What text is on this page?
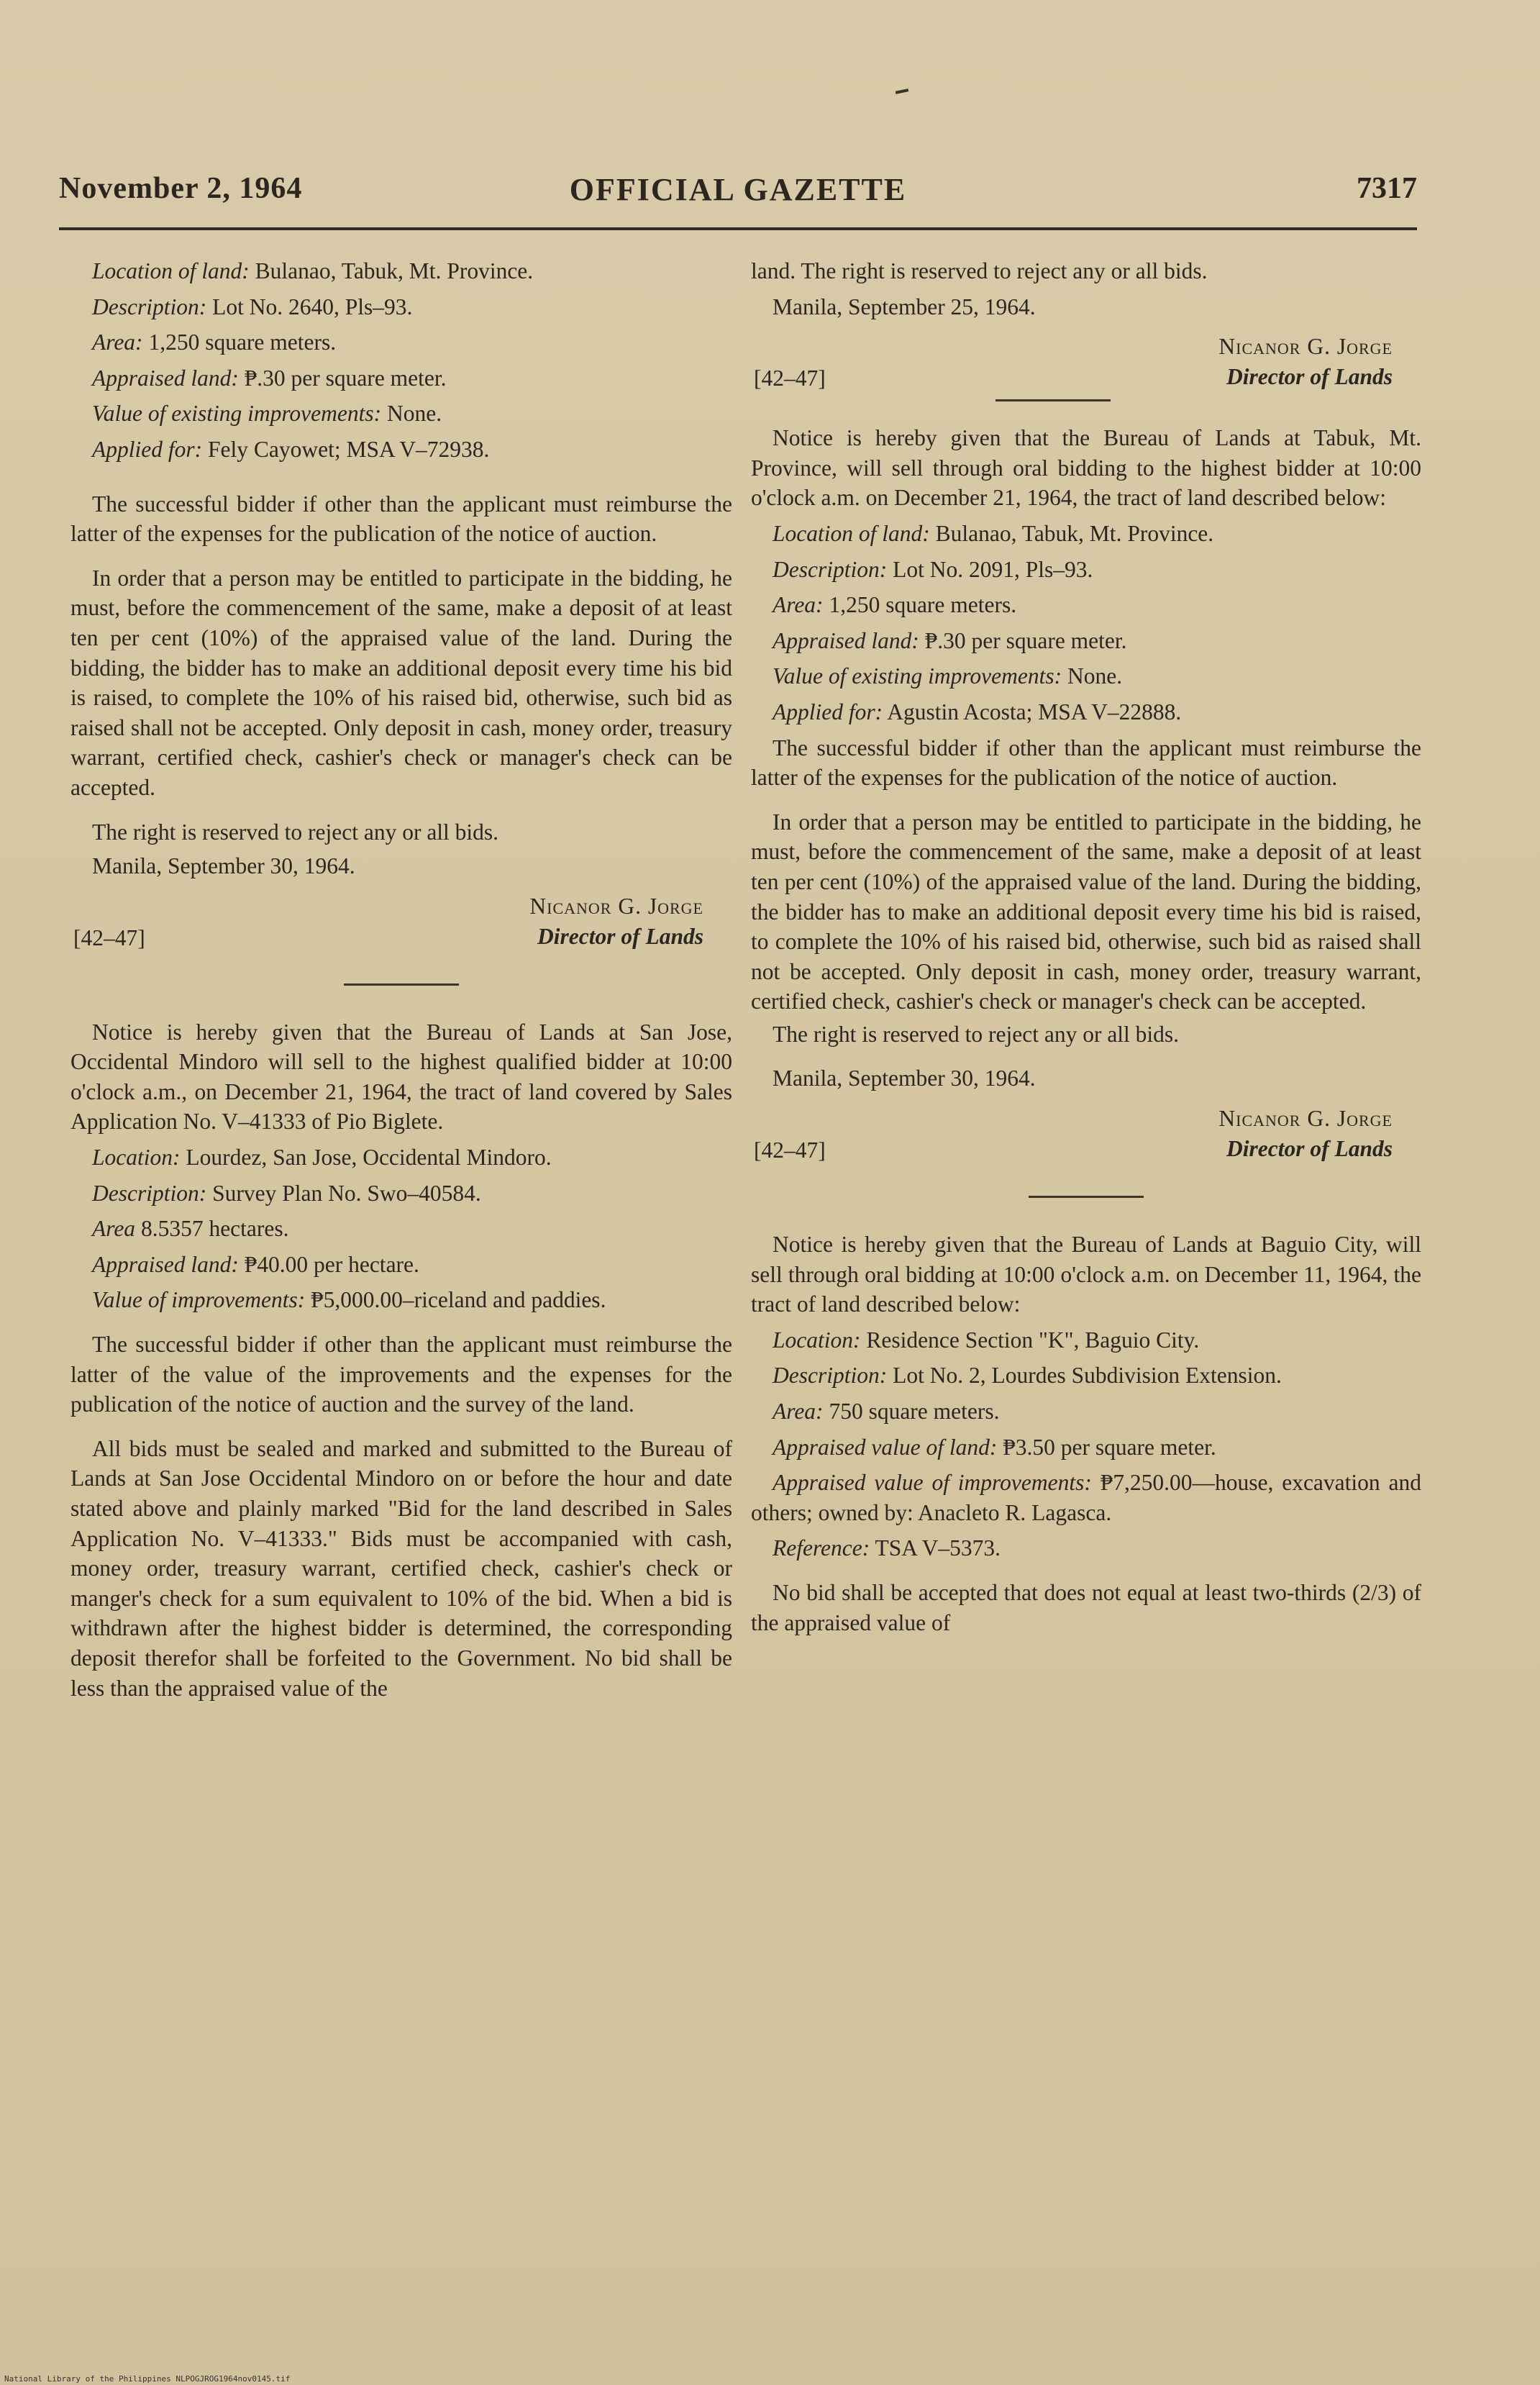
OFFICIAL GAZETTE
November 2, 1964	7317

Location of land: Bulanao, Tabuk, Mt. Province.

Description: Lot No. 2640, Pls–93.

Area: 1,250 square meters.

Appraised land: ₱.30 per square meter.

Value of existing improvements: None.

Applied for: Fely Cayowet; MSA V–72938.

The successful bidder if other than the applicant must reimburse the latter of the expenses for the publication of the notice of auction.

In order that a person may be entitled to participate in the bidding, he must, before the commencement of the same, make a deposit of at least ten per cent (10%) of the appraised value of the land. During the bidding, the bidder has to make an additional deposit every time his bid is raised, to complete the 10% of his raised bid, otherwise, such bid as raised shall not be accepted. Only deposit in cash, money order, treasury warrant, certified check, cashier's check or manager's check can be accepted.

The right is reserved to reject any or all bids.

Manila, September 30, 1964.

Nicanor G. Jorge
[42–47]	Director of Lands

Notice is hereby given that the Bureau of Lands at San Jose, Occidental Mindoro will sell to the highest qualified bidder at 10:00 o'clock a.m., on December 21, 1964, the tract of land covered by Sales Application No. V–41333 of Pio Biglete.

Location: Lourdez, San Jose, Occidental Mindoro.

Description: Survey Plan No. Swo–40584.

Area 8.5357 hectares.

Appraised land: ₱40.00 per hectare.

Value of improvements: ₱5,000.00–riceland and paddies.

The successful bidder if other than the applicant must reimburse the latter of the value of the improvements and the expenses for the publication of the notice of auction and the survey of the land.

All bids must be sealed and marked and submitted to the Bureau of Lands at San Jose Occidental Mindoro on or before the hour and date stated above and plainly marked "Bid for the land described in Sales Application No. V–41333." Bids must be accompanied with cash, money order, treasury warrant, certified check, cashier's check or manger's check for a sum equivalent to 10% of the bid. When a bid is withdrawn after the highest bidder is determined, the corresponding deposit therefor shall be forfeited to the Government. No bid shall be less than the appraised value of the

land. The right is reserved to reject any or all bids.

Manila, September 25, 1964.

Nicanor G. Jorge
[42–47]	Director of Lands

Notice is hereby given that the Bureau of Lands at Tabuk, Mt. Province, will sell through oral bidding to the highest bidder at 10:00 o'clock a.m. on December 21, 1964, the tract of land described below:

Location of land: Bulanao, Tabuk, Mt. Province.

Description: Lot No. 2091, Pls–93.

Area: 1,250 square meters.

Appraised land: ₱.30 per square meter.

Value of existing improvements: None.

Applied for: Agustin Acosta; MSA V–22888.

The successful bidder if other than the applicant must reimburse the latter of the expenses for the publication of the notice of auction.

In order that a person may be entitled to participate in the bidding, he must, before the commencement of the same, make a deposit of at least ten per cent (10%) of the appraised value of the land. During the bidding, the bidder has to make an additional deposit every time his bid is raised, to complete the 10% of his raised bid, otherwise, such bid as raised shall not be accepted. Only deposit in cash, money order, treasury warrant, certified check, cashier's check or manager's check can be accepted.

The right is reserved to reject any or all bids.

Manila, September 30, 1964.

Nicanor G. Jorge
[42–47]	Director of Lands

Notice is hereby given that the Bureau of Lands at Baguio City, will sell through oral bidding at 10:00 o'clock a.m. on December 11, 1964, the tract of land described below:

Location: Residence Section "K", Baguio City.

Description: Lot No. 2, Lourdes Subdivision Extension.

Area: 750 square meters.

Appraised value of land: ₱3.50 per square meter.

Appraised value of improvements: ₱7,250.00—house, excavation and others; owned by: Anacleto R. Lagasca.

Reference: TSA V–5373.

No bid shall be accepted that does not equal at least two-thirds (2/3) of the appraised value of

National Library of the Philippines NLPOGJROG1964nov0145.tif
